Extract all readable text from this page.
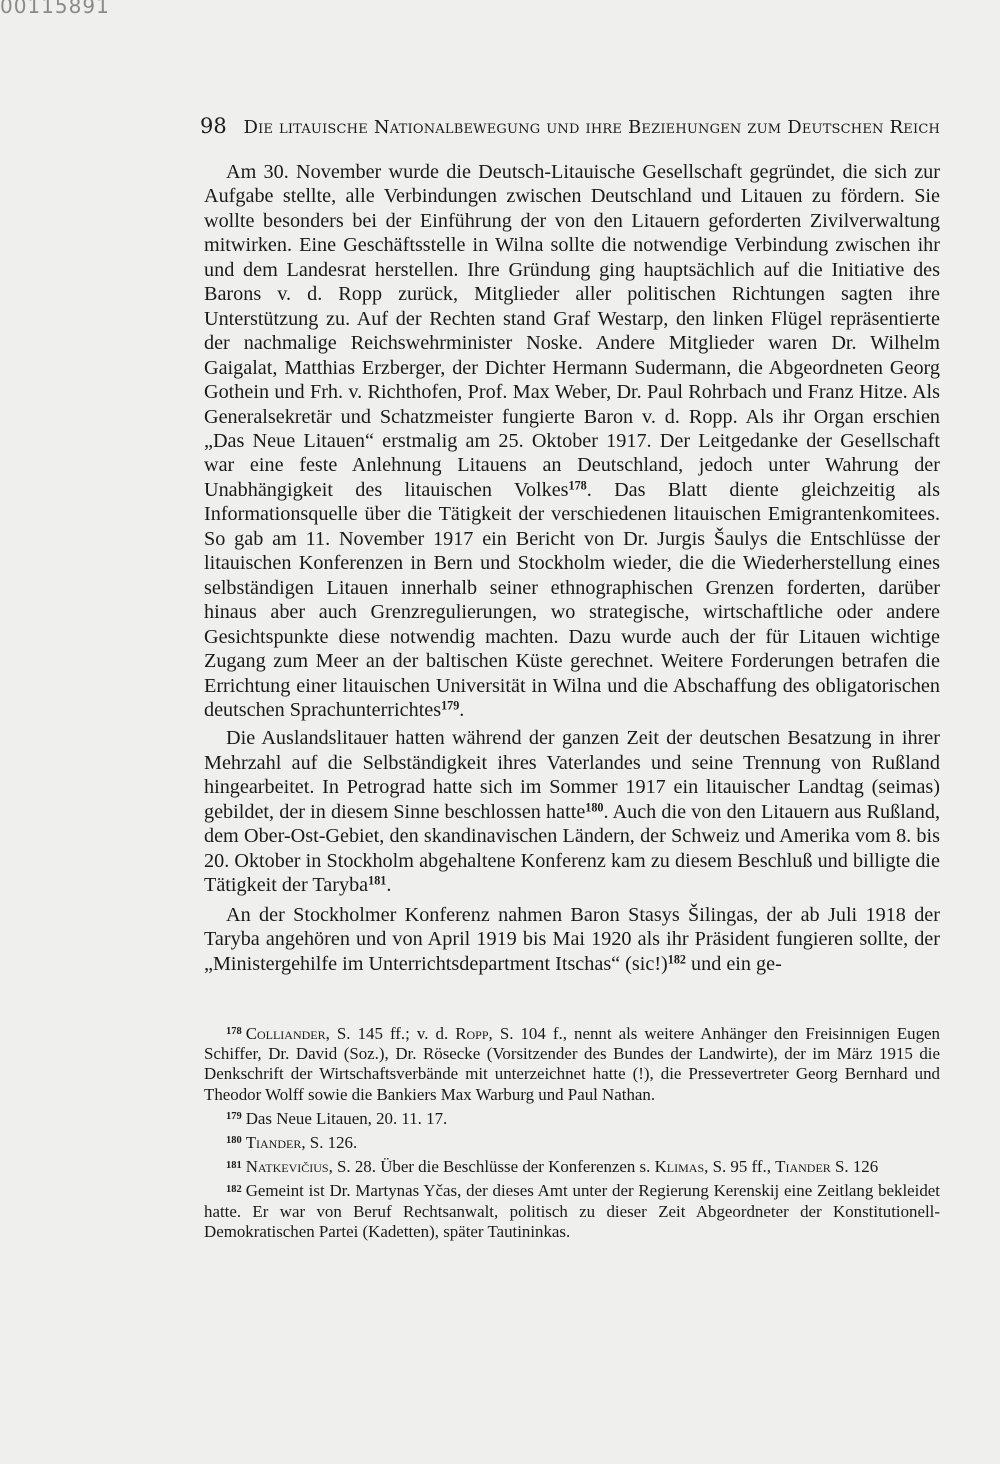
00115891
98 Die litauische Nationalbewegung und ihre Beziehungen zum Deutschen Reich

Am 30. November wurde die Deutsch-Litauische Gesellschaft gegründet, die sich zur Aufgabe stellte, alle Verbindungen zwischen Deutschland und Litauen zu fördern. Sie wollte besonders bei der Einführung der von den Litauern geforderten Zivilverwaltung mitwirken. Eine Geschäftsstelle in Wilna sollte die notwendige Verbindung zwischen ihr und dem Landesrat herstellen. Ihre Gründung ging hauptsächlich auf die Initiative des Barons v. d. Ropp zurück, Mitglieder aller politischen Richtungen sagten ihre Unterstützung zu. Auf der Rechten stand Graf Westarp, den linken Flügel repräsentierte der nachmalige Reichswehrminister Noske. Andere Mitglieder waren Dr. Wilhelm Gaigalat, Matthias Erzberger, der Dichter Hermann Sudermann, die Abgeordneten Georg Gothein und Frh. v. Richthofen, Prof. Max Weber, Dr. Paul Rohrbach und Franz Hitze. Als Generalsekretär und Schatzmeister fungierte Baron v. d. Ropp. Als ihr Organ erschien „Das Neue Litauen“ erstmalig am 25. Oktober 1917. Der Leitgedanke der Gesellschaft war eine feste Anlehnung Litauens an Deutschland, jedoch unter Wahrung der Unabhängigkeit des litauischen Volkes$^{178}$. Das Blatt diente gleichzeitig als Informationsquelle über die Tätigkeit der verschiedenen litauischen Emigrantenkomitees. So gab am 11. November 1917 ein Bericht von Dr. Jurgis Šaulys die Entschlüsse der litauischen Konferenzen in Bern und Stockholm wieder, die die Wiederherstellung eines selbständigen Litauen innerhalb seiner ethnographischen Grenzen forderten, darüber hinaus aber auch Grenzregulierungen, wo strategische, wirtschaftliche oder andere Gesichtspunkte diese notwendig machten. Dazu wurde auch der für Litauen wichtige Zugang zum Meer an der baltischen Küste gerechnet. Weitere Forderungen betrafen die Errichtung einer litauischen Universität in Wilna und die Abschaffung des obligatorischen deutschen Sprachunterrichtes$^{179}$.

Die Auslandslitauer hatten während der ganzen Zeit der deutschen Besatzung in ihrer Mehrzahl auf die Selbständigkeit ihres Vaterlandes und seine Trennung von Rußland hingearbeitet. In Petrograd hatte sich im Sommer 1917 ein litauischer Landtag (seimas) gebildet, der in diesem Sinne beschlossen hatte$^{180}$. Auch die von den Litauern aus Rußland, dem Ober-Ost-Gebiet, den skandinavischen Ländern, der Schweiz und Amerika vom 8. bis 20. Oktober in Stockholm abgehaltene Konferenz kam zu diesem Beschluß und billigte die Tätigkeit der Taryba$^{181}$.

An der Stockholmer Konferenz nahmen Baron Stasys Šilingas, der ab Juli 1918 der Taryba angehören und von April 1919 bis Mai 1920 als ihr Präsident fungieren sollte, der „Ministergehilfe im Unterrichtsdepartment Itschas“ $(sic!)^{182}$ und ein ge-

$^{178}$ Colliander, S. 145 ff.; v. d. Ropp, S. 104 f., nennt als weitere Anhänger den Freisinnigen Eugen Schiffer, Dr. David (Soz.), Dr. Rösecke (Vorsitzender des Bundes der Landwirte), der im März 1915 die Denkschrift der Wirtschaftsverbände mit unterzeichnet hatte (!), die Pressevertreter Georg Bernhard und Theodor Wolff sowie die Bankiers Max Warburg und Paul Nathan.

$^{179}$ Das Neue Litauen, 20. 11. 17.

$^{180}$ Tiander, S. 126.

$^{181}$ Natkevičius, S. 28. Über die Beschlüsse der Konferenzen s. Klimas, S. 95 ff., Tiander S. 126

$^{182}$ Gemeint ist Dr. Martynas Yčas, der dieses Amt unter der Regierung Kerenskij eine Zeitlang bekleidet hatte. Er war von Beruf Rechtsanwalt, politisch zu dieser Zeit Abgeordneter der Konstitutionell-Demokratischen Partei (Kadetten), später Tautininkas.
